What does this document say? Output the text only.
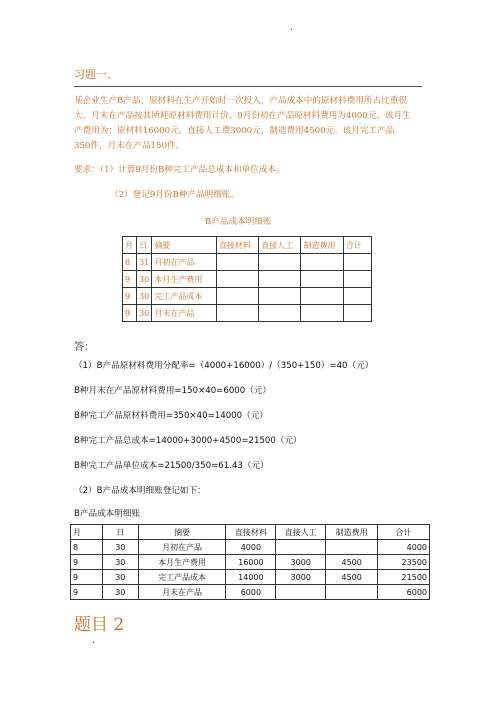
.
习题一、
某企业生产B产品，原材料在生产开始时一次投入，产品成本中的原材料费用所占比重很
大，月末在产品按其所耗原材料费用计价。9月份初在产品原材料费用为4000元。该月生
产费用为：原材料16000元，直接人工费3000元，制造费用4500元。该月完工产品
350件，月末在产品150件。
要求：（1）计算9月份B种完工产品总成本和单位成本。
（2）登记9月份B种产品明细账。
B产品成本明细账
月	日	摘要	直接材料	直接人工	制造费用	合计
8	31	月初在产品				
9	30	本月生产费用				
9	30	完工产品成本				
9	30	月末在产品				
答：
（1）B产品原材料费用分配率=（4000+16000）/（350+150）=40（元）
B种月末在产品原材料费用=150×40=6000（元）
B种完工产品原材料费用=350×40=14000（元）
B种完工产品总成本=14000+3000+4500=21500（元）
B种完工产品单位成本=21500/350=61.43（元）
（2）B产品成本明细账登记如下：
B产品成本明细账
月	日	摘要	直接材料	直接人工	制造费用	合计
8	30	月初在产品	4000			4000
9	30	本月生产费用	16000	3000	4500	23500
9	30	完工产品成本	14000	3000	4500	21500
9	30	月末在产品	6000			6000
题目 2
.
